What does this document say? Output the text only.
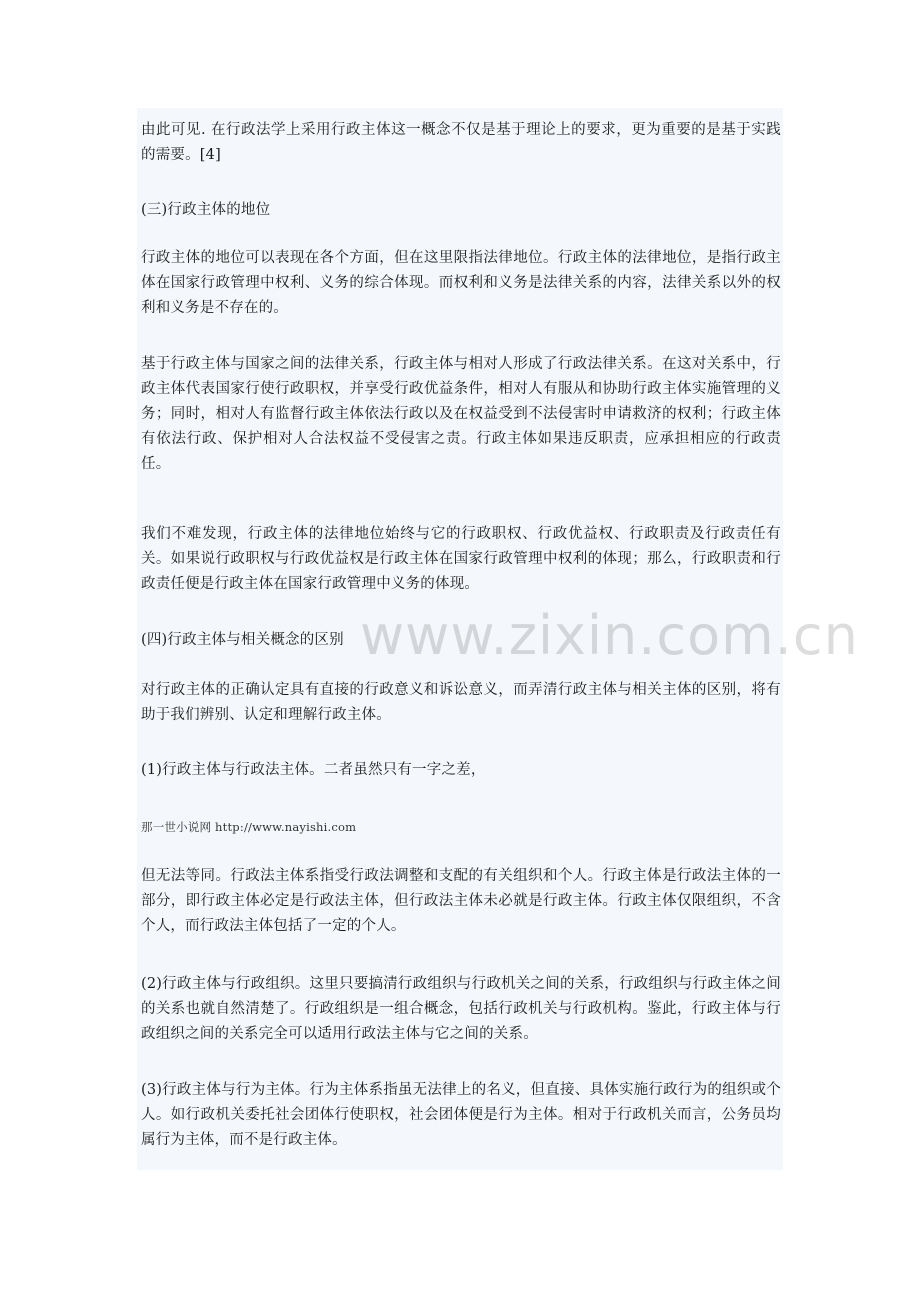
由此可见. 在行政法学上采用行政主体这一概念不仅是基于理论上的要求，更为重要的是基于实践的需要。[4]

(三)行政主体的地位

行政主体的地位可以表现在各个方面，但在这里限指法律地位。行政主体的法律地位，是指行政主体在国家行政管理中权利、义务的综合体现。而权利和义务是法律关系的内容，法律关系以外的权利和义务是不存在的。

基于行政主体与国家之间的法律关系，行政主体与相对人形成了行政法律关系。在这对关系中，行政主体代表国家行使行政职权，并享受行政优益条件，相对人有服从和协助行政主体实施管理的义务；同时，相对人有监督行政主体依法行政以及在权益受到不法侵害时申请救济的权利；行政主体有依法行政、保护相对人合法权益不受侵害之责。行政主体如果违反职责，应承担相应的行政责任。

我们不难发现，行政主体的法律地位始终与它的行政职权、行政优益权、行政职责及行政责任有关。如果说行政职权与行政优益权是行政主体在国家行政管理中权利的体现；那么，行政职责和行政责任便是行政主体在国家行政管理中义务的体现。

(四)行政主体与相关概念的区别

对行政主体的正确认定具有直接的行政意义和诉讼意义，而弄清行政主体与相关主体的区别，将有助于我们辨别、认定和理解行政主体。

(1)行政主体与行政法主体。二者虽然只有一字之差，

那一世小说网 http://www.nayishi.com

但无法等同。行政法主体系指受行政法调整和支配的有关组织和个人。行政主体是行政法主体的一部分，即行政主体必定是行政法主体，但行政法主体未必就是行政主体。行政主体仅限组织，不含个人，而行政法主体包括了一定的个人。

(2)行政主体与行政组织。这里只要搞清行政组织与行政机关之间的关系，行政组织与行政主体之间的关系也就自然清楚了。行政组织是一组合概念，包括行政机关与行政机构。鉴此，行政主体与行政组织之间的关系完全可以适用行政法主体与它之间的关系。

(3)行政主体与行为主体。行为主体系指虽无法律上的名义，但直接、具体实施行政行为的组织或个人。如行政机关委托社会团体行使职权，社会团体便是行为主体。相对于行政机关而言，公务员均属行为主体，而不是行政主体。
